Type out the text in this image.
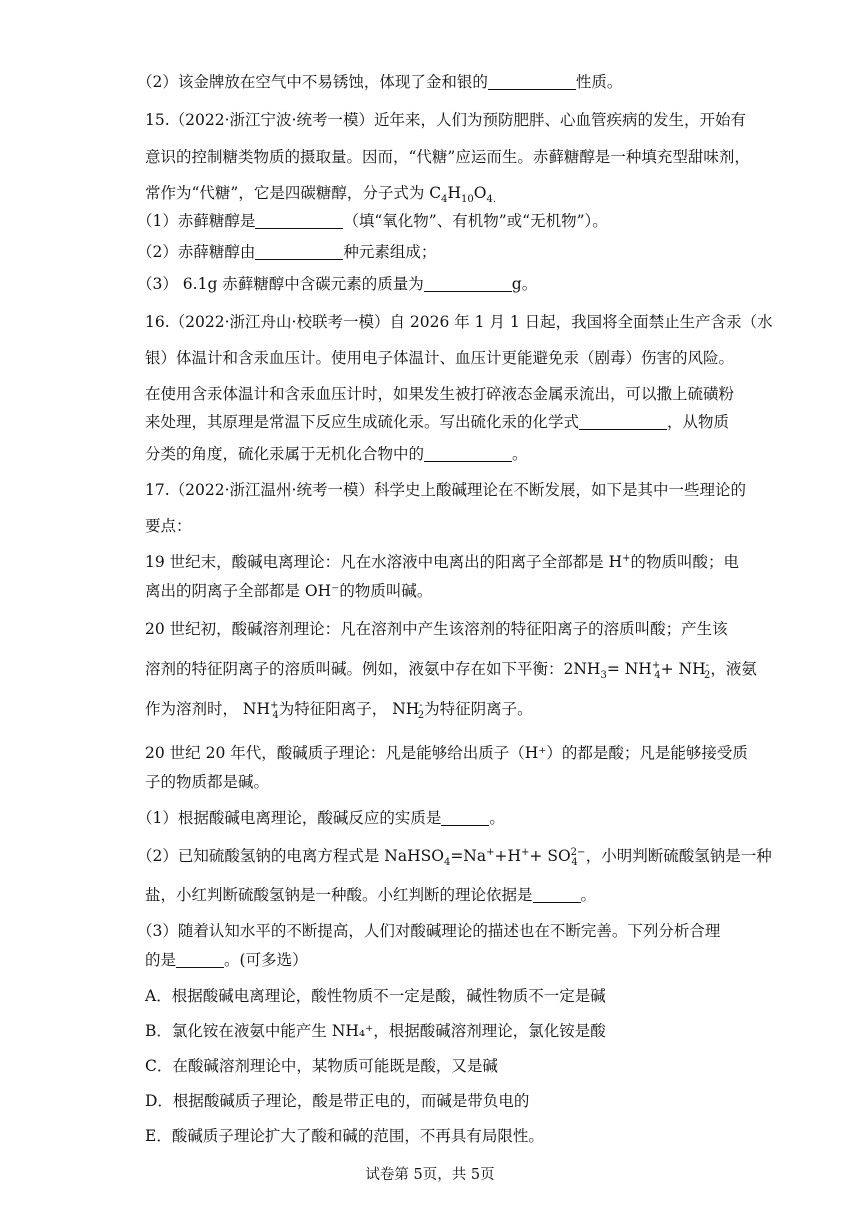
（2）该金牌放在空气中不易锈蚀，体现了金和银的	性质。
15.（2022·浙江宁波·统考一模）近年来，人们为预防肥胖、心血管疾病的发生，开始有
意识的控制糖类物质的摄取量。因而，“代糖”应运而生。赤藓糖醇是一种填充型甜味剂，
常作为“代糖”，它是四碳糖醇，分子式为 $C_4H_{10}O_{4.}$
（1）赤藓糖醇是	（填“氧化物”、有机物”或“无机物”）。
（2）赤薛糖醇由	种元素组成；
（3） 6.1g 赤藓糖醇中含碳元素的质量为	g。
16.（2022·浙江舟山·校联考一模）自 2026 年 1 月 1 日起，我国将全面禁止生产含汞（水
银）体温计和含汞血压计。使用电子体温计、血压计更能避免汞（剧毒）伤害的风险。
在使用含汞体温计和含汞血压计时，如果发生被打碎液态金属汞流出，可以撒上硫磺粉
来处理，其原理是常温下反应生成硫化汞。写出硫化汞的化学式	，从物质
分类的角度，硫化汞属于无机化合物中的	。
17.（2022·浙江温州·统考一模）科学史上酸碱理论在不断发展，如下是其中一些理论的
要点：
19 世纪末，酸碱电离理论：凡在水溶液中电离出的阳离子全部都是 H+的物质叫酸；电
离出的阴离子全部都是 OH⁻的物质叫碱。
20 世纪初，酸碱溶剂理论：凡在溶剂中产生该溶剂的特征阳离子的溶质叫酸；产生该
溶剂的特征阴离子的溶质叫碱。例如，液氨中存在如下平衡：$2NH_3= NH^+_4+ NH^-_2$，液氨
作为溶剂时， $NH^+_4$为特征阳离子， $NH^-_2$为特征阴离子。
20 世纪 20 年代，酸碱质子理论：凡是能够给出质子（H⁺）的都是酸；凡是能够接受质
子的物质都是碱。
（1）根据酸碱电离理论，酸碱反应的实质是	。
（2）已知硫酸氢钠的电离方程式是 NaHSO$_4$=Na++H++ $SO^{2-}_4$ ，小明判断硫酸氢钠是一种
盐，小红判断硫酸氢钠是一种酸。小红判断的理论依据是	。
（3）随着认知水平的不断提高，人们对酸碱理论的描述也在不断完善。下列分析合理
的是	。(可多选）
A．根据酸碱电离理论，酸性物质不一定是酸，碱性物质不一定是碱
B．氯化铵在液氨中能产生 NH₄⁺，根据酸碱溶剂理论，氯化铵是酸
C．在酸碱溶剂理论中，某物质可能既是酸，又是碱
D．根据酸碱质子理论，酸是带正电的，而碱是带负电的
E．酸碱质子理论扩大了酸和碱的范围，不再具有局限性。
试卷第 5页，共 5页
